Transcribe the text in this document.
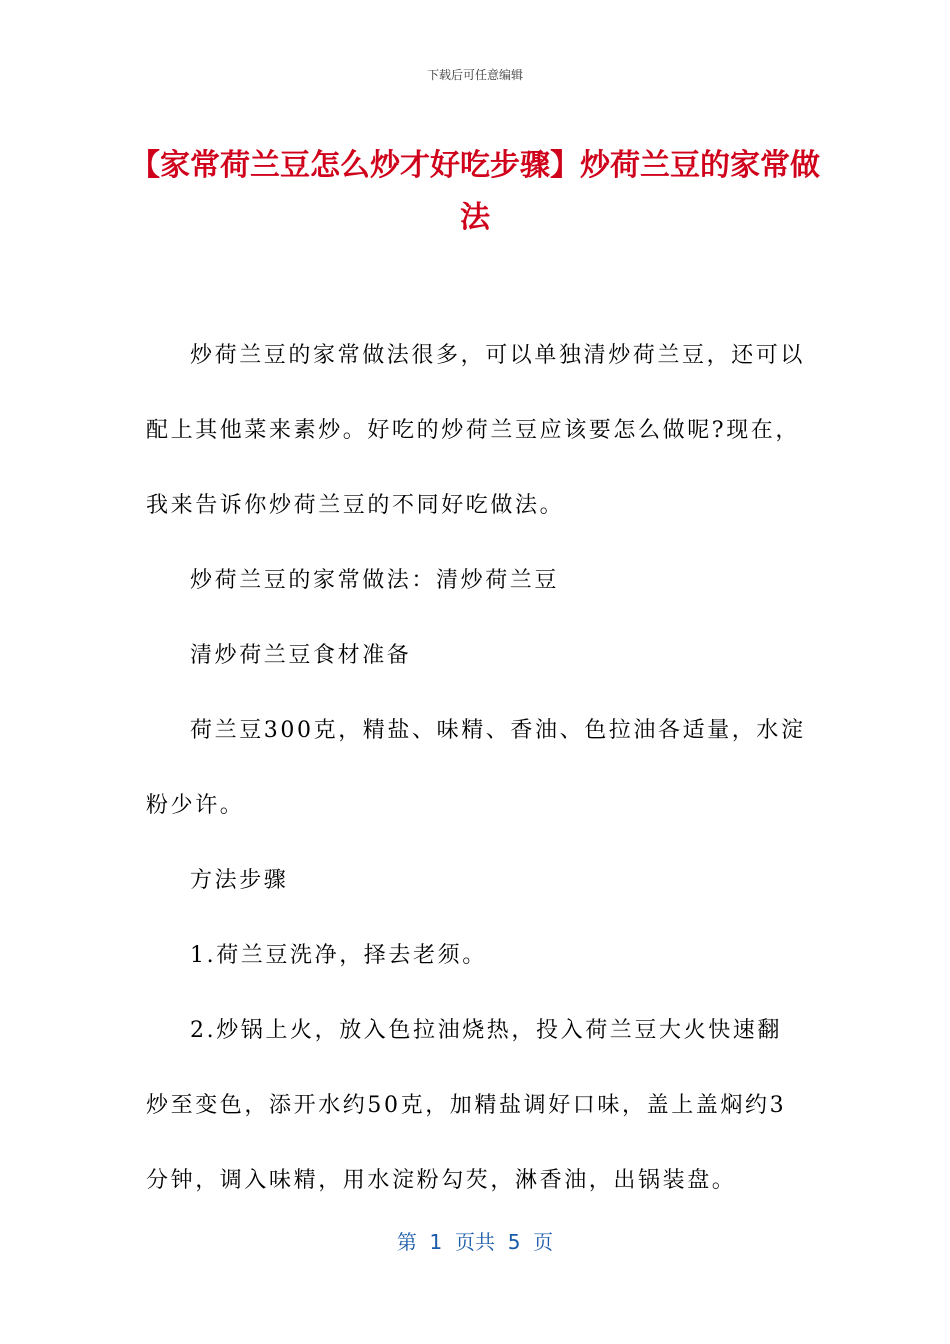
下载后可任意编辑
【家常荷兰豆怎么炒才好吃步骤】炒荷兰豆的家常做法

炒荷兰豆的家常做法很多，可以单独清炒荷兰豆，还可以配上其他菜来素炒。好吃的炒荷兰豆应该要怎么做呢?现在，我来告诉你炒荷兰豆的不同好吃做法。

炒荷兰豆的家常做法：清炒荷兰豆

清炒荷兰豆食材准备

荷兰豆300克，精盐、味精、香油、色拉油各适量，水淀粉少许。

方法步骤

1.荷兰豆洗净，择去老须。

2.炒锅上火，放入色拉油烧热，投入荷兰豆大火快速翻炒至变色，添开水约50克，加精盐调好口味，盖上盖焖约3分钟，调入味精，用水淀粉勾芡，淋香油，出锅装盘。

第  1  页共  5  页
